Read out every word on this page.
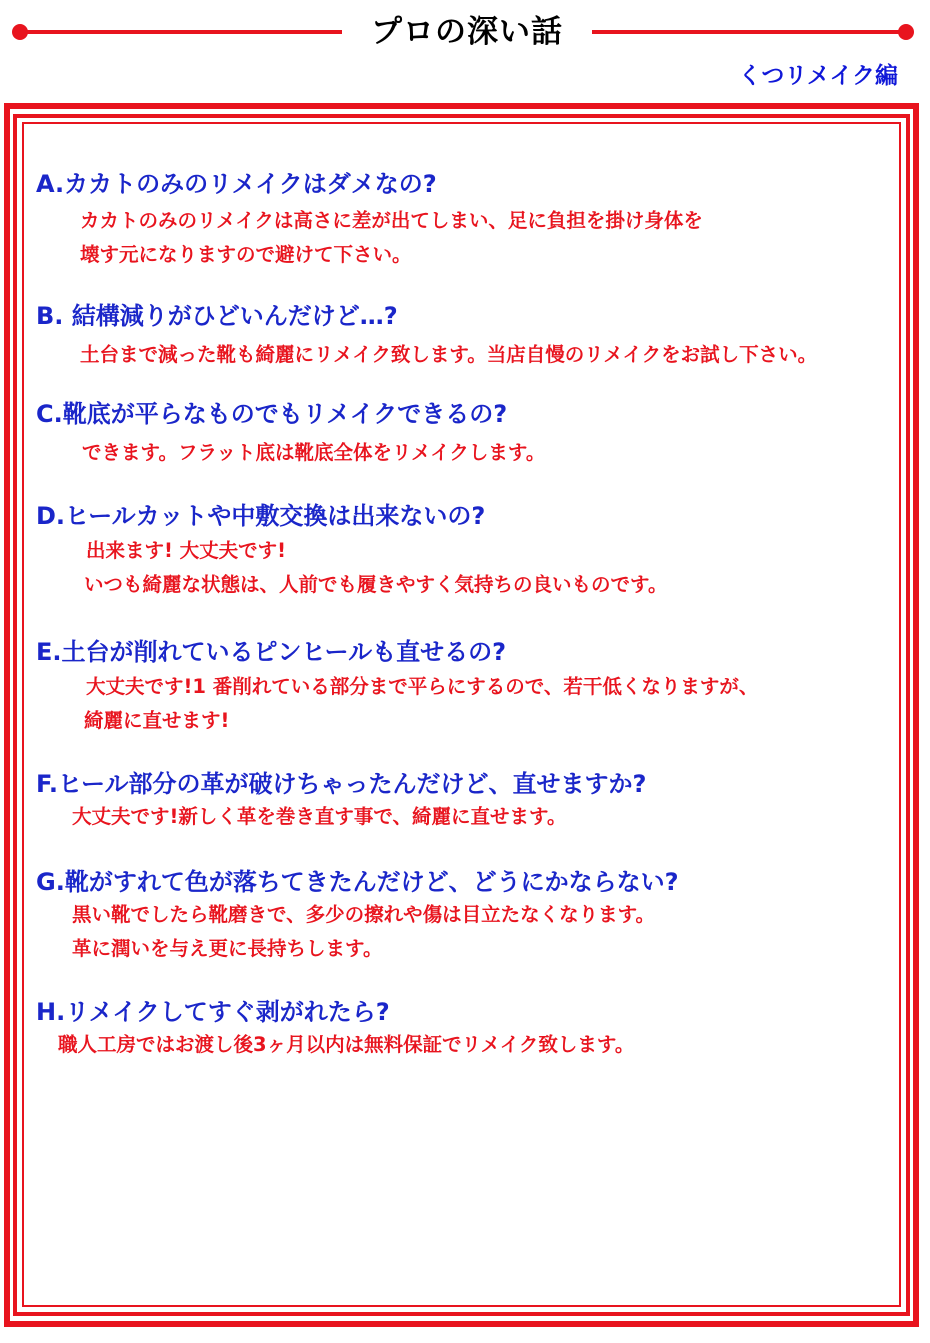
プロの深い話
くつリメイク編
A.カカトのみのリメイクはダメなの?
カカトのみのリメイクは高さに差が出てしまい、足に負担を掛け身体を
壊す元になりますので避けて下さい。
B. 結構減りがひどいんだけど…?
土台まで減った靴も綺麗にリメイク致します。当店自慢のリメイクをお試し下さい。
C.靴底が平らなものでもリメイクできるの?
できます。フラット底は靴底全体をリメイクします。
D.ヒールカットや中敷交換は出来ないの?
出来ます! 大丈夫です!
いつも綺麗な状態は、人前でも履きやすく気持ちの良いものです。
E.土台が削れているピンヒールも直せるの?
大丈夫です!1 番削れている部分まで平らにするので、若干低くなりますが、
綺麗に直せます!
F.ヒール部分の革が破けちゃったんだけど、直せますか?
大丈夫です!新しく革を巻き直す事で、綺麗に直せます。
G.靴がすれて色が落ちてきたんだけど、どうにかならない?
黒い靴でしたら靴磨きで、多少の擦れや傷は目立たなくなります。
革に潤いを与え更に長持ちします。
H.リメイクしてすぐ剥がれたら?
職人工房ではお渡し後3ヶ月以内は無料保証でリメイク致します。
